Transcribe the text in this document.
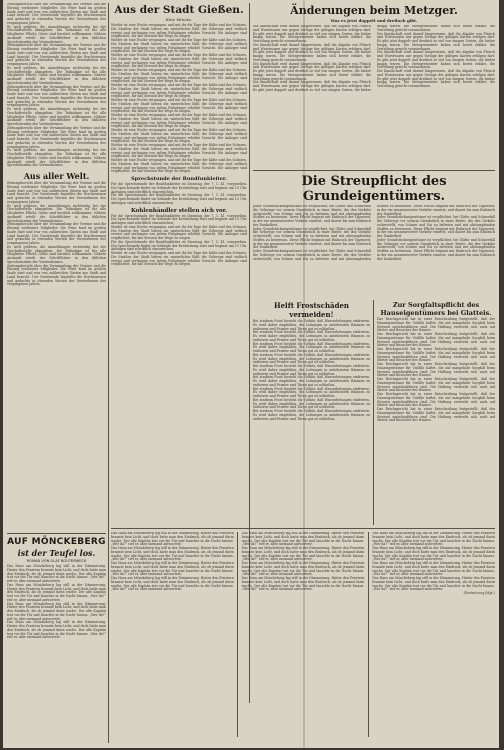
Zeitungsbericht über die Versammlung der Vereine und die Ehrung verdienter Mitglieder. Die Feier fand im großen Saale statt und war von zahlreichen Gästen aus Stadt und Land besucht. Der Vorsitzende begrüßte die Erschienenen und gedachte in ehrenden Worten der Verstorbenen des vergangenen Jahres.

Es wird gebeten, die Anmeldungen rechtzeitig bei der Geschäftsstelle abzugeben. Die Teilnahme ist für alle Mitglieder Pflicht; Gäste sind herzlich willkommen. Nähere Auskunft erteilt der Schriftführer in den üblichen Sprechstunden des Vereinsheimes.

Zeitungsbericht über die Versammlung der Vereine und die Ehrung verdienter Mitglieder. Die Feier fand im großen Saale statt und war von zahlreichen Gästen aus Stadt und Land besucht. Der Vorsitzende begrüßte die Erschienenen und gedachte in ehrenden Worten der Verstorbenen des vergangenen Jahres.

Es wird gebeten, die Anmeldungen rechtzeitig bei der Geschäftsstelle abzugeben. Die Teilnahme ist für alle Mitglieder Pflicht; Gäste sind herzlich willkommen. Nähere Auskunft erteilt der Schriftführer in den üblichen Sprechstunden des Vereinsheimes.

Zeitungsbericht über die Versammlung der Vereine und die Ehrung verdienter Mitglieder. Die Feier fand im großen Saale statt und war von zahlreichen Gästen aus Stadt und Land besucht. Der Vorsitzende begrüßte die Erschienenen und gedachte in ehrenden Worten der Verstorbenen des vergangenen Jahres.

Es wird gebeten, die Anmeldungen rechtzeitig bei der Geschäftsstelle abzugeben. Die Teilnahme ist für alle Mitglieder Pflicht; Gäste sind herzlich willkommen. Nähere Auskunft erteilt der Schriftführer in den üblichen Sprechstunden des Vereinsheimes.

Zeitungsbericht über die Versammlung der Vereine und die Ehrung verdienter Mitglieder. Die Feier fand im großen Saale statt und war von zahlreichen Gästen aus Stadt und Land besucht. Der Vorsitzende begrüßte die Erschienenen und gedachte in ehrenden Worten der Verstorbenen des vergangenen Jahres.

Es wird gebeten, die Anmeldungen rechtzeitig bei der Geschäftsstelle abzugeben. Die Teilnahme ist für alle Mitglieder Pflicht; Gäste sind herzlich willkommen. Nähere Auskunft erteilt der Schriftführer in den üblichen Sprechstunden des Vereinsheimes.

Aus aller Welt.

Zeitungsbericht über die Versammlung der Vereine und die Ehrung verdienter Mitglieder. Die Feier fand im großen Saale statt und war von zahlreichen Gästen aus Stadt und Land besucht. Der Vorsitzende begrüßte die Erschienenen und gedachte in ehrenden Worten der Verstorbenen des vergangenen Jahres.

Es wird gebeten, die Anmeldungen rechtzeitig bei der Geschäftsstelle abzugeben. Die Teilnahme ist für alle Mitglieder Pflicht; Gäste sind herzlich willkommen. Nähere Auskunft erteilt der Schriftführer in den üblichen Sprechstunden des Vereinsheimes.

Zeitungsbericht über die Versammlung der Vereine und die Ehrung verdienter Mitglieder. Die Feier fand im großen Saale statt und war von zahlreichen Gästen aus Stadt und Land besucht. Der Vorsitzende begrüßte die Erschienenen und gedachte in ehrenden Worten der Verstorbenen des vergangenen Jahres.

Es wird gebeten, die Anmeldungen rechtzeitig bei der Geschäftsstelle abzugeben. Die Teilnahme ist für alle Mitglieder Pflicht; Gäste sind herzlich willkommen. Nähere Auskunft erteilt der Schriftführer in den üblichen Sprechstunden des Vereinsheimes.

Zeitungsbericht über die Versammlung der Vereine und die Ehrung verdienter Mitglieder. Die Feier fand im großen Saale statt und war von zahlreichen Gästen aus Stadt und Land besucht. Der Vorsitzende begrüßte die Erschienenen und gedachte in ehrenden Worten der Verstorbenen des vergangenen Jahres.

AUF MÖNCKEBERG
ist der Teufel los.
ROMAN VON OLAF BOUTERWECK

Das Haus am Mönckeberg lag still in der Dämmerung. Hinter den Fenstern brannte kein Licht, und doch hatte man den Eindruck, als ob jemand darin wache. Der alte Kapitän trat vor die Tür und lauschte in die Nacht hinaus. „Wer da?“ rief er, aber niemand antwortete.

Das Haus am Mönckeberg lag still in der Dämmerung. Hinter den Fenstern brannte kein Licht, und doch hatte man den Eindruck, als ob jemand darin wache. Der alte Kapitän trat vor die Tür und lauschte in die Nacht hinaus. „Wer da?“ rief er, aber niemand antwortete.

Das Haus am Mönckeberg lag still in der Dämmerung. Hinter den Fenstern brannte kein Licht, und doch hatte man den Eindruck, als ob jemand darin wache. Der alte Kapitän trat vor die Tür und lauschte in die Nacht hinaus. „Wer da?“ rief er, aber niemand antwortete.

Das Haus am Mönckeberg lag still in der Dämmerung. Hinter den Fenstern brannte kein Licht, und doch hatte man den Eindruck, als ob jemand darin wache. Der alte Kapitän trat vor die Tür und lauschte in die Nacht hinaus. „Wer da?“ rief er, aber niemand antwortete.

Aus der Stadt Gießen.
Eine Minute.

Wieder ist eine Woche vergangen, und mit ihr die Tage der Kälte und des Schnees. Die Straßen der Stadt bieten ein winterliches Bild; die Gehwege sind vielfach vereist und verlangen von jedem Fußgänger erhöhte Vorsicht. Die Anlieger sind verpflichtet, für das Streuen der Wege zu sorgen.

Wieder ist eine Woche vergangen, und mit ihr die Tage der Kälte und des Schnees. Die Straßen der Stadt bieten ein winterliches Bild; die Gehwege sind vielfach vereist und verlangen von jedem Fußgänger erhöhte Vorsicht. Die Anlieger sind verpflichtet, für das Streuen der Wege zu sorgen.

Wieder ist eine Woche vergangen, und mit ihr die Tage der Kälte und des Schnees. Die Straßen der Stadt bieten ein winterliches Bild; die Gehwege sind vielfach vereist und verlangen von jedem Fußgänger erhöhte Vorsicht. Die Anlieger sind verpflichtet, für das Streuen der Wege zu sorgen.

Wieder ist eine Woche vergangen, und mit ihr die Tage der Kälte und des Schnees. Die Straßen der Stadt bieten ein winterliches Bild; die Gehwege sind vielfach vereist und verlangen von jedem Fußgänger erhöhte Vorsicht. Die Anlieger sind verpflichtet, für das Streuen der Wege zu sorgen.

Wieder ist eine Woche vergangen, und mit ihr die Tage der Kälte und des Schnees. Die Straßen der Stadt bieten ein winterliches Bild; die Gehwege sind vielfach vereist und verlangen von jedem Fußgänger erhöhte Vorsicht. Die Anlieger sind verpflichtet, für das Streuen der Wege zu sorgen.

Wieder ist eine Woche vergangen, und mit ihr die Tage der Kälte und des Schnees. Die Straßen der Stadt bieten ein winterliches Bild; die Gehwege sind vielfach vereist und verlangen von jedem Fußgänger erhöhte Vorsicht. Die Anlieger sind verpflichtet, für das Streuen der Wege zu sorgen.

Wieder ist eine Woche vergangen, und mit ihr die Tage der Kälte und des Schnees. Die Straßen der Stadt bieten ein winterliches Bild; die Gehwege sind vielfach vereist und verlangen von jedem Fußgänger erhöhte Vorsicht. Die Anlieger sind verpflichtet, für das Streuen der Wege zu sorgen.

Wieder ist eine Woche vergangen, und mit ihr die Tage der Kälte und des Schnees. Die Straßen der Stadt bieten ein winterliches Bild; die Gehwege sind vielfach vereist und verlangen von jedem Fußgänger erhöhte Vorsicht. Die Anlieger sind verpflichtet, für das Streuen der Wege zu sorgen.

Wieder ist eine Woche vergangen, und mit ihr die Tage der Kälte und des Schnees. Die Straßen der Stadt bieten ein winterliches Bild; die Gehwege sind vielfach vereist und verlangen von jedem Fußgänger erhöhte Vorsicht. Die Anlieger sind verpflichtet, für das Streuen der Wege zu sorgen.

Wieder ist eine Woche vergangen, und mit ihr die Tage der Kälte und des Schnees. Die Straßen der Stadt bieten ein winterliches Bild; die Gehwege sind vielfach vereist und verlangen von jedem Fußgänger erhöhte Vorsicht. Die Anlieger sind verpflichtet, für das Streuen der Wege zu sorgen.

Sprechstunde der Rundfunkleiter.

Für die Sprechstunde der Rundfunkleiter ist Dienstag, der 7. 1. 41, vorgesehen. Die Sprechstunde findet im Gebäude der Kreisleitung statt und beginnt um 15 Uhr. Anfragen sind schriftlich einzureichen.

Für die Sprechstunde der Rundfunkleiter ist Dienstag, der 7. 1. 41, vorgesehen. Die Sprechstunde findet im Gebäude der Kreisleitung statt und beginnt um 15 Uhr. Anfragen sind schriftlich einzureichen.

Kohlenhändler stellen sich vor.

Für die Sprechstunde der Rundfunkleiter ist Dienstag, der 7. 1. 41, vorgesehen. Die Sprechstunde findet im Gebäude der Kreisleitung statt und beginnt um 15 Uhr. Anfragen sind schriftlich einzureichen.

Wieder ist eine Woche vergangen, und mit ihr die Tage der Kälte und des Schnees. Die Straßen der Stadt bieten ein winterliches Bild; die Gehwege sind vielfach vereist und verlangen von jedem Fußgänger erhöhte Vorsicht. Die Anlieger sind verpflichtet, für das Streuen der Wege zu sorgen.

Für die Sprechstunde der Rundfunkleiter ist Dienstag, der 7. 1. 41, vorgesehen. Die Sprechstunde findet im Gebäude der Kreisleitung statt und beginnt um 15 Uhr. Anfragen sind schriftlich einzureichen.

Wieder ist eine Woche vergangen, und mit ihr die Tage der Kälte und des Schnees. Die Straßen der Stadt bieten ein winterliches Bild; die Gehwege sind vielfach vereist und verlangen von jedem Fußgänger erhöhte Vorsicht. Die Anlieger sind verpflichtet, für das Streuen der Wege zu sorgen.

Änderungen beim Metzger.
Was es jetzt doppelt und dreifach gibt.

Die Kundschaft wird darauf hingewiesen, daß die Abgabe von Fleisch und Wurstwaren nur gegen Vorlage der gültigen Karten erfolgen darf. Es gibt jetzt doppelt und dreifach so viel von einigen Sorten, die bisher knapp waren. Die Metzgermeister haben sich bereit erklärt, die Verteilung gerecht vorzunehmen.

Die Kundschaft wird darauf hingewiesen, daß die Abgabe von Fleisch und Wurstwaren nur gegen Vorlage der gültigen Karten erfolgen darf. Es gibt jetzt doppelt und dreifach so viel von einigen Sorten, die bisher knapp waren. Die Metzgermeister haben sich bereit erklärt, die Verteilung gerecht vorzunehmen.

Die Kundschaft wird darauf hingewiesen, daß die Abgabe von Fleisch und Wurstwaren nur gegen Vorlage der gültigen Karten erfolgen darf. Es gibt jetzt doppelt und dreifach so viel von einigen Sorten, die bisher knapp waren. Die Metzgermeister haben sich bereit erklärt, die Verteilung gerecht vorzunehmen.

Die Kundschaft wird darauf hingewiesen, daß die Abgabe von Fleisch und Wurstwaren nur gegen Vorlage der gültigen Karten erfolgen darf. Es gibt jetzt doppelt und dreifach so viel von einigen Sorten, die bisher knapp waren. Die Metzgermeister haben sich bereit erklärt, die Verteilung gerecht vorzunehmen.

Die Kundschaft wird darauf hingewiesen, daß die Abgabe von Fleisch und Wurstwaren nur gegen Vorlage der gültigen Karten erfolgen darf. Es gibt jetzt doppelt und dreifach so viel von einigen Sorten, die bisher knapp waren. Die Metzgermeister haben sich bereit erklärt, die Verteilung gerecht vorzunehmen.

Die Kundschaft wird darauf hingewiesen, daß die Abgabe von Fleisch und Wurstwaren nur gegen Vorlage der gültigen Karten erfolgen darf. Es gibt jetzt doppelt und dreifach so viel von einigen Sorten, die bisher knapp waren. Die Metzgermeister haben sich bereit erklärt, die Verteilung gerecht vorzunehmen.

Die Kundschaft wird darauf hingewiesen, daß die Abgabe von Fleisch und Wurstwaren nur gegen Vorlage der gültigen Karten erfolgen darf. Es gibt jetzt doppelt und dreifach so viel von einigen Sorten, die bisher knapp waren. Die Metzgermeister haben sich bereit erklärt, die Verteilung gerecht vorzunehmen.

Die Streupflicht des Grundeigentümers.

Jeder Grundstückseigentümer ist verpflichtet, bei Glätte und Schneefall die Gehwege vor seinem Grundstück in einer Breite, die den Verkehr sicherstellt, von Schnee und Eis zu befreien und mit abstumpfenden Stoffen zu bestreuen. Diese Pflicht beginnt mit Einbruch der Tageszeit, in der ein nennenswerter Verkehr einsetzt, und dauert bis zum Einbruch der Dunkelheit.

Jeder Grundstückseigentümer ist verpflichtet, bei Glätte und Schneefall die Gehwege vor seinem Grundstück in einer Breite, die den Verkehr sicherstellt, von Schnee und Eis zu befreien und mit abstumpfenden Stoffen zu bestreuen. Diese Pflicht beginnt mit Einbruch der Tageszeit, in der ein nennenswerter Verkehr einsetzt, und dauert bis zum Einbruch der Dunkelheit.

Jeder Grundstückseigentümer ist verpflichtet, bei Glätte und Schneefall die Gehwege vor seinem Grundstück in einer Breite, die den Verkehr sicherstellt, von Schnee und Eis zu befreien und mit abstumpfenden Stoffen zu bestreuen. Diese Pflicht beginnt mit Einbruch der Tageszeit, in der ein nennenswerter Verkehr einsetzt, und dauert bis zum Einbruch der Dunkelheit.

Jeder Grundstückseigentümer ist verpflichtet, bei Glätte und Schneefall die Gehwege vor seinem Grundstück in einer Breite, die den Verkehr sicherstellt, von Schnee und Eis zu befreien und mit abstumpfenden Stoffen zu bestreuen. Diese Pflicht beginnt mit Einbruch der Tageszeit, in der ein nennenswerter Verkehr einsetzt, und dauert bis zum Einbruch der Dunkelheit.

Jeder Grundstückseigentümer ist verpflichtet, bei Glätte und Schneefall die Gehwege vor seinem Grundstück in einer Breite, die den Verkehr sicherstellt, von Schnee und Eis zu befreien und mit abstumpfenden Stoffen zu bestreuen. Diese Pflicht beginnt mit Einbruch der Tageszeit, in der ein nennenswerter Verkehr einsetzt, und dauert bis zum Einbruch der Dunkelheit.

Helft Frostschäden vermeiden!

Bei starkem Frost besteht die Gefahr, daß Wasserleitungen einfrieren. Es wird daher empfohlen, die Leitungen in unbeheizten Räumen zu entleeren und Fenster und Türen gut zu schließen.

Bei starkem Frost besteht die Gefahr, daß Wasserleitungen einfrieren. Es wird daher empfohlen, die Leitungen in unbeheizten Räumen zu entleeren und Fenster und Türen gut zu schließen.

Bei starkem Frost besteht die Gefahr, daß Wasserleitungen einfrieren. Es wird daher empfohlen, die Leitungen in unbeheizten Räumen zu entleeren und Fenster und Türen gut zu schließen.

Bei starkem Frost besteht die Gefahr, daß Wasserleitungen einfrieren. Es wird daher empfohlen, die Leitungen in unbeheizten Räumen zu entleeren und Fenster und Türen gut zu schließen.

Bei starkem Frost besteht die Gefahr, daß Wasserleitungen einfrieren. Es wird daher empfohlen, die Leitungen in unbeheizten Räumen zu entleeren und Fenster und Türen gut zu schließen.

Bei starkem Frost besteht die Gefahr, daß Wasserleitungen einfrieren. Es wird daher empfohlen, die Leitungen in unbeheizten Räumen zu entleeren und Fenster und Türen gut zu schließen.

Bei starkem Frost besteht die Gefahr, daß Wasserleitungen einfrieren. Es wird daher empfohlen, die Leitungen in unbeheizten Räumen zu entleeren und Fenster und Türen gut zu schließen.

Bei starkem Frost besteht die Gefahr, daß Wasserleitungen einfrieren. Es wird daher empfohlen, die Leitungen in unbeheizten Räumen zu entleeren und Fenster und Türen gut zu schließen.

Bei starkem Frost besteht die Gefahr, daß Wasserleitungen einfrieren. Es wird daher empfohlen, die Leitungen in unbeheizten Räumen zu entleeren und Fenster und Türen gut zu schließen.

Zur Sorgfaltspflicht des Hauseigentümers bei Glatteis.

Das Reichsgericht hat in einer Entscheidung festgestellt, daß der Hauseigentümer für Unfälle haftet, die auf mangelnde Sorgfalt beim Streuen zurückzuführen sind. Die Haftung erstreckt sich auch auf Mieter und Besucher des Hauses.

Das Reichsgericht hat in einer Entscheidung festgestellt, daß der Hauseigentümer für Unfälle haftet, die auf mangelnde Sorgfalt beim Streuen zurückzuführen sind. Die Haftung erstreckt sich auch auf Mieter und Besucher des Hauses.

Das Reichsgericht hat in einer Entscheidung festgestellt, daß der Hauseigentümer für Unfälle haftet, die auf mangelnde Sorgfalt beim Streuen zurückzuführen sind. Die Haftung erstreckt sich auch auf Mieter und Besucher des Hauses.

Das Reichsgericht hat in einer Entscheidung festgestellt, daß der Hauseigentümer für Unfälle haftet, die auf mangelnde Sorgfalt beim Streuen zurückzuführen sind. Die Haftung erstreckt sich auch auf Mieter und Besucher des Hauses.

Das Reichsgericht hat in einer Entscheidung festgestellt, daß der Hauseigentümer für Unfälle haftet, die auf mangelnde Sorgfalt beim Streuen zurückzuführen sind. Die Haftung erstreckt sich auch auf Mieter und Besucher des Hauses.

Das Reichsgericht hat in einer Entscheidung festgestellt, daß der Hauseigentümer für Unfälle haftet, die auf mangelnde Sorgfalt beim Streuen zurückzuführen sind. Die Haftung erstreckt sich auch auf Mieter und Besucher des Hauses.

Das Reichsgericht hat in einer Entscheidung festgestellt, daß der Hauseigentümer für Unfälle haftet, die auf mangelnde Sorgfalt beim Streuen zurückzuführen sind. Die Haftung erstreckt sich auch auf Mieter und Besucher des Hauses.

Das Haus am Mönckeberg lag still in der Dämmerung. Hinter den Fenstern brannte kein Licht, und doch hatte man den Eindruck, als ob jemand darin wache. Der alte Kapitän trat vor die Tür und lauschte in die Nacht hinaus. „Wer da?“ rief er, aber niemand antwortete.

Das Haus am Mönckeberg lag still in der Dämmerung. Hinter den Fenstern brannte kein Licht, und doch hatte man den Eindruck, als ob jemand darin wache. Der alte Kapitän trat vor die Tür und lauschte in die Nacht hinaus. „Wer da?“ rief er, aber niemand antwortete.

Das Haus am Mönckeberg lag still in der Dämmerung. Hinter den Fenstern brannte kein Licht, und doch hatte man den Eindruck, als ob jemand darin wache. Der alte Kapitän trat vor die Tür und lauschte in die Nacht hinaus. „Wer da?“ rief er, aber niemand antwortete.

Das Haus am Mönckeberg lag still in der Dämmerung. Hinter den Fenstern brannte kein Licht, und doch hatte man den Eindruck, als ob jemand darin wache. Der alte Kapitän trat vor die Tür und lauschte in die Nacht hinaus. „Wer da?“ rief er, aber niemand antwortete.

Das Haus am Mönckeberg lag still in der Dämmerung. Hinter den Fenstern brannte kein Licht, und doch hatte man den Eindruck, als ob jemand darin wache. Der alte Kapitän trat vor die Tür und lauschte in die Nacht hinaus. „Wer da?“ rief er, aber niemand antwortete.

Das Haus am Mönckeberg lag still in der Dämmerung. Hinter den Fenstern brannte kein Licht, und doch hatte man den Eindruck, als ob jemand darin wache. Der alte Kapitän trat vor die Tür und lauschte in die Nacht hinaus. „Wer da?“ rief er, aber niemand antwortete.

Das Haus am Mönckeberg lag still in der Dämmerung. Hinter den Fenstern brannte kein Licht, und doch hatte man den Eindruck, als ob jemand darin wache. Der alte Kapitän trat vor die Tür und lauschte in die Nacht hinaus. „Wer da?“ rief er, aber niemand antwortete.

Das Haus am Mönckeberg lag still in der Dämmerung. Hinter den Fenstern brannte kein Licht, und doch hatte man den Eindruck, als ob jemand darin wache. Der alte Kapitän trat vor die Tür und lauschte in die Nacht hinaus. „Wer da?“ rief er, aber niemand antwortete.

Das Haus am Mönckeberg lag still in der Dämmerung. Hinter den Fenstern brannte kein Licht, und doch hatte man den Eindruck, als ob jemand darin wache. Der alte Kapitän trat vor die Tür und lauschte in die Nacht hinaus. „Wer da?“ rief er, aber niemand antwortete.

Das Haus am Mönckeberg lag still in der Dämmerung. Hinter den Fenstern brannte kein Licht, und doch hatte man den Eindruck, als ob jemand darin wache. Der alte Kapitän trat vor die Tür und lauschte in die Nacht hinaus. „Wer da?“ rief er, aber niemand antwortete.

Das Haus am Mönckeberg lag still in der Dämmerung. Hinter den Fenstern brannte kein Licht, und doch hatte man den Eindruck, als ob jemand darin wache. Der alte Kapitän trat vor die Tür und lauschte in die Nacht hinaus. „Wer da?“ rief er, aber niemand antwortete.

Das Haus am Mönckeberg lag still in der Dämmerung. Hinter den Fenstern brannte kein Licht, und doch hatte man den Eindruck, als ob jemand darin wache. Der alte Kapitän trat vor die Tür und lauschte in die Nacht hinaus. „Wer da?“ rief er, aber niemand antwortete.

(Fortsetzung folgt.)
